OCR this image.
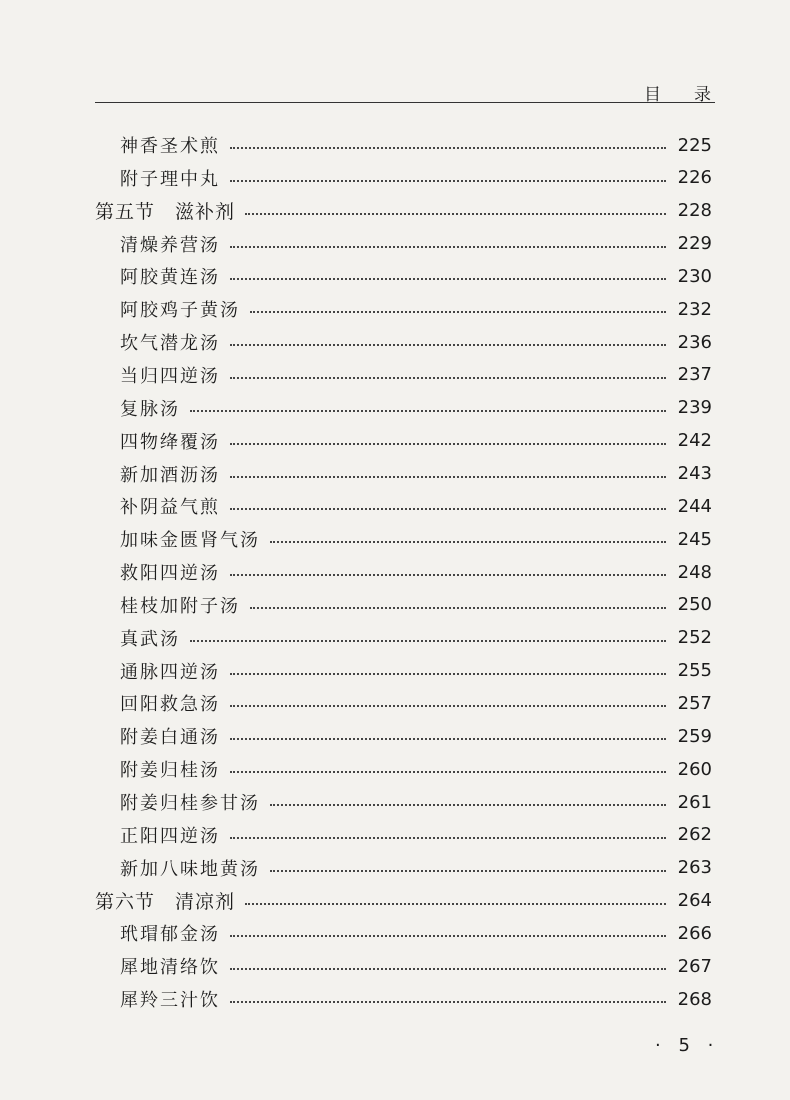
目 录
神香圣术煎	225
附子理中丸	226
第五节　滋补剂	228
清燥养营汤	229
阿胶黄连汤	230
阿胶鸡子黄汤	232
坎气潜龙汤	236
当归四逆汤	237
复脉汤	239
四物绛覆汤	242
新加酒沥汤	243
补阴益气煎	244
加味金匮肾气汤	245
救阳四逆汤	248
桂枝加附子汤	250
真武汤	252
通脉四逆汤	255
回阳救急汤	257
附姜白通汤	259
附姜归桂汤	260
附姜归桂参甘汤	261
正阳四逆汤	262
新加八味地黄汤	263
第六节　清凉剂	264
玳瑁郁金汤	266
犀地清络饮	267
犀羚三汁饮	268
· 5 ·
